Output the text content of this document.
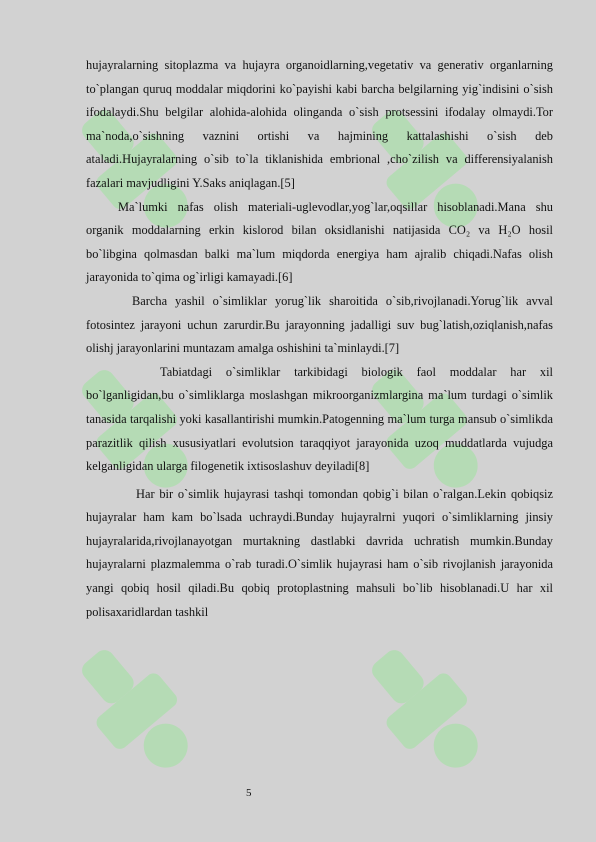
hujayralarning sitoplazma va hujayra organoidlarning,vegetativ va generativ organlarning to`plangan quruq moddalar miqdorini ko`payishi kabi barcha belgilarning yig`indisini o`sish ifodalaydi.Shu belgilar alohida-alohida olinganda o`sish protsessini ifodalay olmaydi.Tor ma`noda,o`sishning vaznini ortishi va hajmining kattalashishi o`sish deb ataladi.Hujayralarning o`sib to`la tiklanishida embrional ,cho`zilish va differensiyalanish fazalari mavjudligini Y.Saks aniqlagan.[5]

Ma`lumki nafas olish materiali-uglevodlar,yog`lar,oqsillar hisoblanadi.Mana shu organik moddalarning erkin kislorod bilan oksidlanishi natijasida CO₂ va H₂O hosil bo`libgina qolmasdan balki ma`lum miqdorda energiya ham ajralib chiqadi.Nafas olish jarayonida to`qima og`irligi kamayadi.[6]

Barcha yashil o`simliklar yorug`lik sharoitida o`sib,rivojlanadi.Yorug`lik avval fotosintez jarayoni uchun zarurdir.Bu jarayonning jadalligi suv bug`latish,oziqlanish,nafas olishj jarayonlarini muntazam amalga oshishini ta`minlaydi.[7]

Tabiatdagi o`simliklar tarkibidagi biologik faol moddalar har xil bo`lganligidan,bu o`simliklarga moslashgan mikroorganizmlargina ma`lum turdagi o`simlik tanasida tarqalishi yoki kasallantirishi mumkin.Patogenning ma`lum turga mansub o`simlikda parazitlik qilish xususiyatlari evolutsion taraqqiyot jarayonida uzoq muddatlarda vujudga kelganligidan ularga filogenetik ixtisoslashuv deyiladi[8]

Har bir o`simlik hujayrasi tashqi tomondan qobig`i bilan o`ralgan.Lekin qobiqsiz hujayralar ham kam bo`lsada uchraydi.Bunday hujayralrni yuqori o`simliklarning jinsiy hujayralarida,rivojlanayotgan murtakning dastlabki davrida uchratish mumkin.Bunday hujayralarni plazmalemma o`rab turadi.O`simlik hujayrasi ham o`sib rivojlanish jarayonida yangi qobiq hosil qiladi.Bu qobiq protoplastning mahsuli bo`lib hisoblanadi.U har xil polisaxaridlardan tashkil

5
